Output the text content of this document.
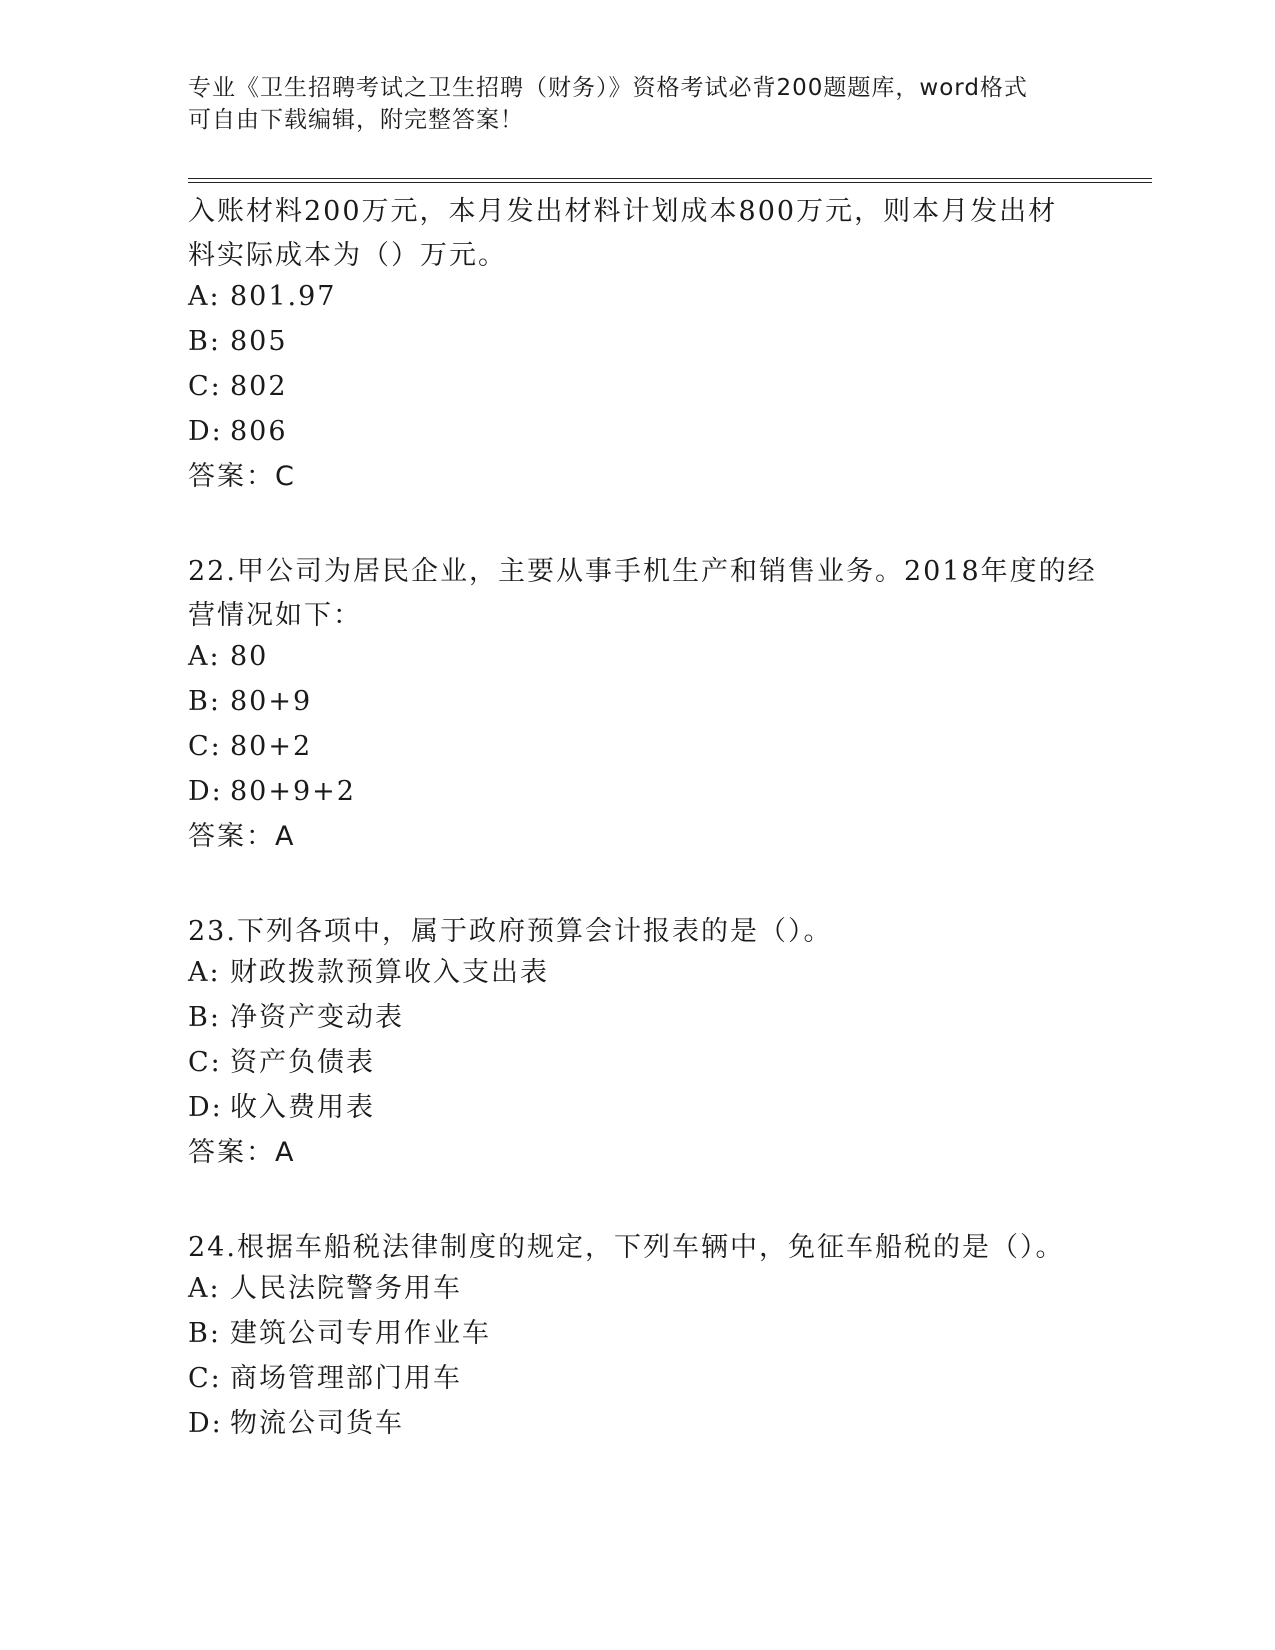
专业《卫生招聘考试之卫生招聘（财务）》资格考试必背200题题库，word格式
可自由下载编辑，附完整答案！
入账材料200万元，本月发出材料计划成本800万元，则本月发出材
料实际成本为（）万元。
A: 801.97
B: 805
C: 802
D: 806
答案：C
22.甲公司为居民企业，主要从事手机生产和销售业务。2018年度的经
营情况如下：
A: 80
B: 80+9
C: 80+2
D: 80+9+2
答案：A
23.下列各项中，属于政府预算会计报表的是（）。
A: 财政拨款预算收入支出表
B: 净资产变动表
C: 资产负债表
D: 收入费用表
答案：A
24.根据车船税法律制度的规定，下列车辆中，免征车船税的是（）。
A: 人民法院警务用车
B: 建筑公司专用作业车
C: 商场管理部门用车
D: 物流公司货车
